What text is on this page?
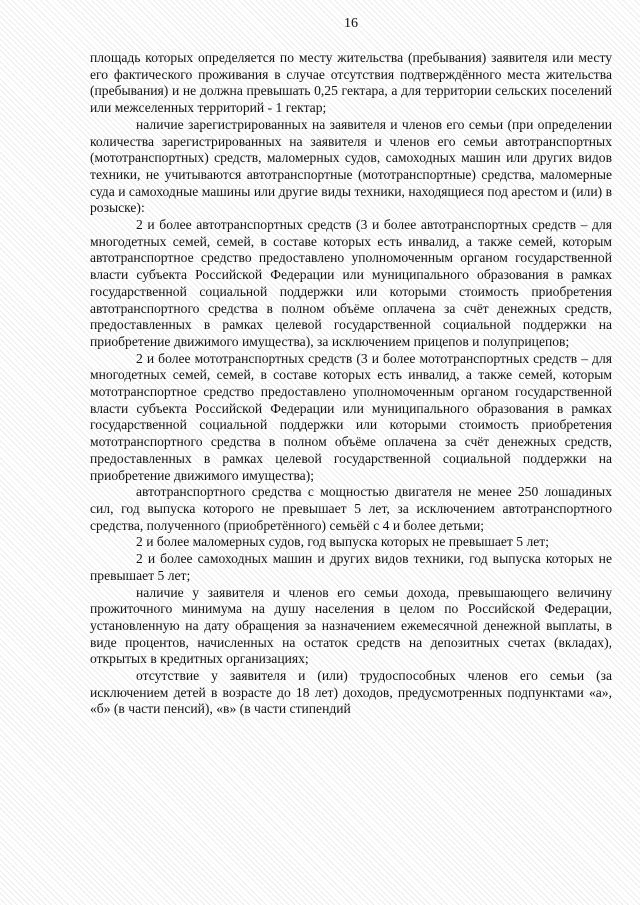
16

площадь которых определяется по месту жительства (пребывания) заявителя или месту его фактического проживания в случае отсутствия подтверждённого места жительства (пребывания) и не должна превышать 0,25 гектара, а для территории сельских поселений или межселенных территорий - 1 гектар;

наличие зарегистрированных на заявителя и членов его семьи (при определении количества зарегистрированных на заявителя и членов его семьи автотранспортных (мототранспортных) средств, маломерных судов, самоходных машин или других видов техники, не учитываются автотранспортные (мототранспортные) средства, маломерные суда и самоходные машины или другие виды техники, находящиеся под арестом и (или) в розыске):

2 и более автотранспортных средств (3 и более автотранспортных средств – для многодетных семей, семей, в составе которых есть инвалид, а также семей, которым автотранспортное средство предоставлено уполномоченным органом государственной власти субъекта Российской Федерации или муниципального образования в рамках государственной социальной поддержки или которыми стоимость приобретения автотранспортного средства в полном объёме оплачена за счёт денежных средств, предоставленных в рамках целевой государственной социальной поддержки на приобретение движимого имущества), за исключением прицепов и полуприцепов;

2 и более мототранспортных средств (3 и более мототранспортных средств – для многодетных семей, семей, в составе которых есть инвалид, а также семей, которым мототранспортное средство предоставлено уполномоченным органом государственной власти субъекта Российской Федерации или муниципального образования в рамках государственной социальной поддержки или которыми стоимость приобретения мототранспортного средства в полном объёме оплачена за счёт денежных средств, предоставленных в рамках целевой государственной социальной поддержки на приобретение движимого имущества);

автотранспортного средства с мощностью двигателя не менее 250 лошадиных сил, год выпуска которого не превышает 5 лет, за исключением автотранспортного средства, полученного (приобретённого) семьёй с 4 и более детьми;

2 и более маломерных судов, год выпуска которых не превышает 5 лет;

2 и более самоходных машин и других видов техники, год выпуска которых не превышает 5 лет;

наличие у заявителя и членов его семьи дохода, превышающего величину прожиточного минимума на душу населения в целом по Российской Федерации, установленную на дату обращения за назначением ежемесячной денежной выплаты, в виде процентов, начисленных на остаток средств на депозитных счетах (вкладах), открытых в кредитных организациях;

отсутствие у заявителя и (или) трудоспособных членов его семьи (за исключением детей в возрасте до 18 лет) доходов, предусмотренных подпунктами «а», «б» (в части пенсий), «в» (в части стипендий
